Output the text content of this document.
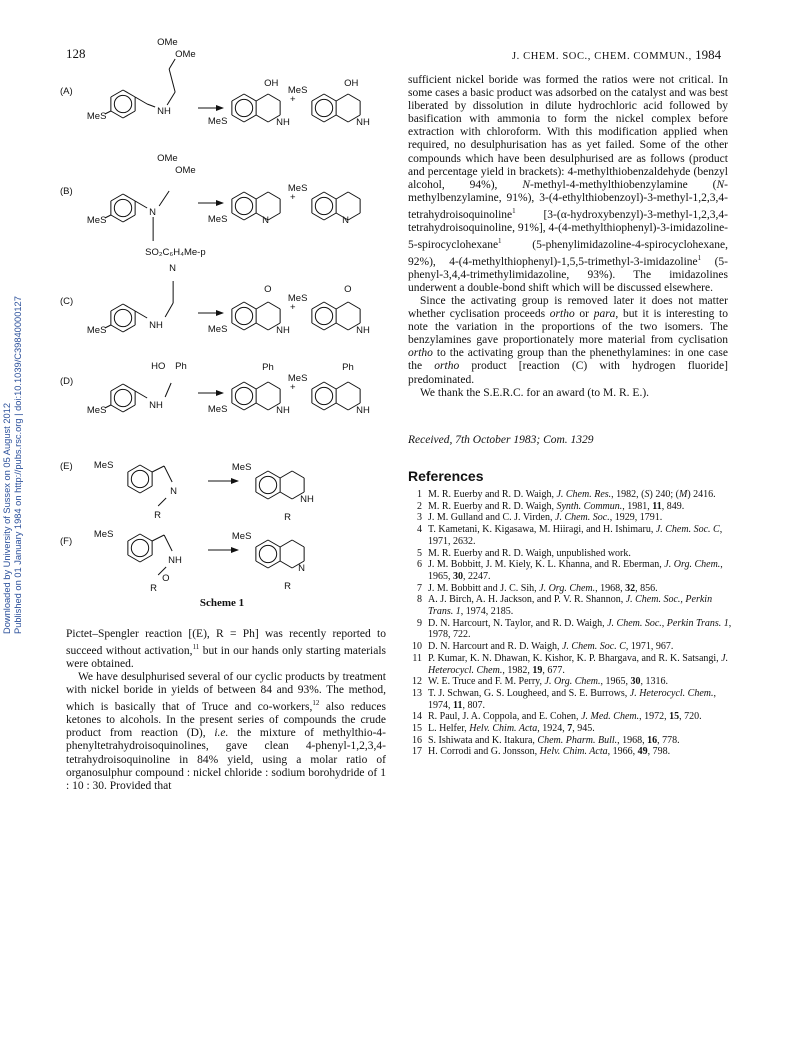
128	J. CHEM. SOC., CHEM. COMMUN., 1984
Downloaded by University of Sussex on 05 August 2012 Published on 01 January 1984 on http://pubs.rsc.org | doi:10.1039/C39840000127
(A)
(B)
(C)
(D)
(E)
(F)
MeS	NH
OMe
OMe
MeS	NH
OH
+
MeS
NH
OH
MeS
N
SO₂C₆H₄Me-p
OMe
OMe
MeS	N
+
MeS
N
MeS	NH
N
MeS	NH
O
+
MeS
NH
O
MeS	NH
HO Ph
MeS	NH
Ph
+
MeS
NH
Ph
MeS
N
R
MeS
NH
R
MeS
NH
O
R
MeS
N
R
Scheme 1

Pictet–Spengler reaction [(E), R = Ph] was recently reported to succeed without activation,$^{11}$ but in our hands only starting materials were obtained.

We have desulphurised several of our cyclic products by treatment with nickel boride in yields of between 84 and 93%. The method, which is basically that of Truce and co-workers,$^{12}$ also reduces ketones to alcohols. In the present series of compounds the crude product from reaction (D), i.e. the mixture of methylthio-4-phenyltetrahydroisoquinolines, gave clean 4-phenyl-1,2,3,4-tetrahydroisoquinoline in 84% yield, using a molar ratio of organosulphur compound : nickel chloride : sodium borohydride of 1 : 10 : 30. Provided that

sufficient nickel boride was formed the ratios were not critical. In some cases a basic product was adsorbed on the catalyst and was best liberated by dissolution in dilute hydrochloric acid followed by basification with ammonia to form the nickel complex before extraction with chloroform. With this modification applied when required, no desulphurisation has as yet failed. Some of the other compounds which have been desulphurised are as follows (product and percentage yield in brackets): 4-methylthiobenzaldehyde (benzyl alcohol, 94%), N-methyl-4-methylthiobenzylamine (N-methylbenzylamine, 91%), 3-(4-ethylthiobenzoyl)-3-methyl-1,2,3,4-tetrahydroisoquinoline$^1$ [3-(α-hydroxybenzyl)-3-methyl-1,2,3,4-tetrahydroisoquinoline, 91%], 4-(4-methylthiophenyl)-3-imidazoline-5-spirocyclohexane$^1$ (5-phenylimidazoline-4-spirocyclohexane, 92%), 4-(4-methylthiophenyl)-1,5,5-trimethyl-3-imidazoline$^1$ (5-phenyl-3,4,4-trimethylimidazoline, 93%). The imidazolines underwent a double-bond shift which will be discussed elsewhere.

Since the activating group is removed later it does not matter whether cyclisation proceeds ortho or para, but it is interesting to note the variation in the proportions of the two isomers. The benzylamines gave proportionately more material from cyclisation ortho to the activating group than the phenethylamines: in one case the ortho product [reaction (C) with hydrogen fluoride] predominated.

We thank the S.E.R.C. for an award (to M. R. E.).

Received, 7th October 1983; Com. 1329
References
1 M. R. Euerby and R. D. Waigh, J. Chem. Res., 1982, (S) 240; (M) 2416.
2 M. R. Euerby and R. D. Waigh, Synth. Commun., 1981, 11, 849.
3 J. M. Gulland and C. J. Virden, J. Chem. Soc., 1929, 1791.
4 T. Kametani, K. Kigasawa, M. Hiiragi, and H. Ishimaru, J. Chem. Soc. C, 1971, 2632.
5 M. R. Euerby and R. D. Waigh, unpublished work.
6 J. M. Bobbitt, J. M. Kiely, K. L. Khanna, and R. Eberman, J. Org. Chem., 1965, 30, 2247.
7 J. M. Bobbitt and J. C. Sih, J. Org. Chem., 1968, 32, 856.
8 A. J. Birch, A. H. Jackson, and P. V. R. Shannon, J. Chem. Soc., Perkin Trans. 1, 1974, 2185.
9 D. N. Harcourt, N. Taylor, and R. D. Waigh, J. Chem. Soc., Perkin Trans. 1, 1978, 722.
10 D. N. Harcourt and R. D. Waigh, J. Chem. Soc. C, 1971, 967.
11 P. Kumar, K. N. Dhawan, K. Kishor, K. P. Bhargava, and R. K. Satsangi, J. Heterocycl. Chem., 1982, 19, 677.
12 W. E. Truce and F. M. Perry, J. Org. Chem., 1965, 30, 1316.
13 T. J. Schwan, G. S. Lougheed, and S. E. Burrows, J. Heterocycl. Chem., 1974, 11, 807.
14 R. Paul, J. A. Coppola, and E. Cohen, J. Med. Chem., 1972, 15, 720.
15 L. Helfer, Helv. Chim. Acta, 1924, 7, 945.
16 S. Ishiwata and K. Itakura, Chem. Pharm. Bull., 1968, 16, 778.
17 H. Corrodi and G. Jonsson, Helv. Chim. Acta, 1966, 49, 798.
